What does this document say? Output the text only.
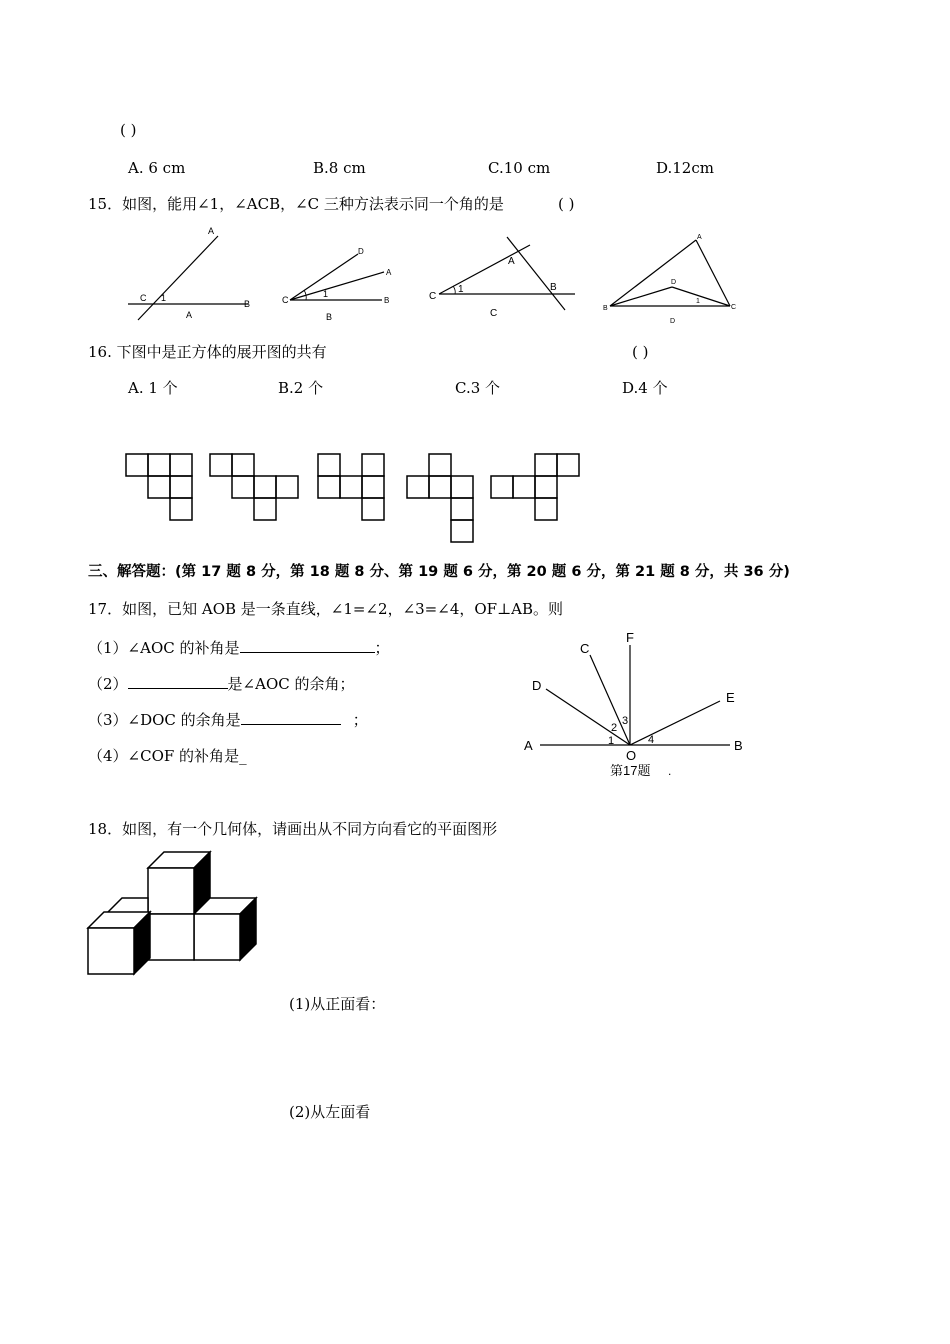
( )
A. 6 cm	B.8 cm	C.10 cm	D.12cm
15．如图，能用∠1，∠ACB，∠C 三种方法表示同一个角的是	( )
A
C 1
B
A
D
A
C
1
B
B
A
C
1	B
C
A
D
B
1
C
D
16. 下图中是正方体的展开图的共有	( )
A. 1 个	B.2 个	C.3 个	D.4 个
三、解答题：(第 17 题 8 分，第 18 题 8 分、第 19 题 6 分，第 20 题 6 分，第 21 题 8 分，共 36 分)
17．如图，已知 AOB 是一条直线，∠1=∠2，∠3=∠4，OF⊥AB。则
（1）∠AOC 的补角是	；
（2）	是∠AOC 的余角；
（3）∠DOC 的余角是	；
（4）∠COF 的补角是_
F
C
E
D
3
2
1	4
A
O
B
第17题 .
18．如图，有一个几何体，请画出从不同方向看它的平面图形
(1)从正面看：
(2)从左面看
